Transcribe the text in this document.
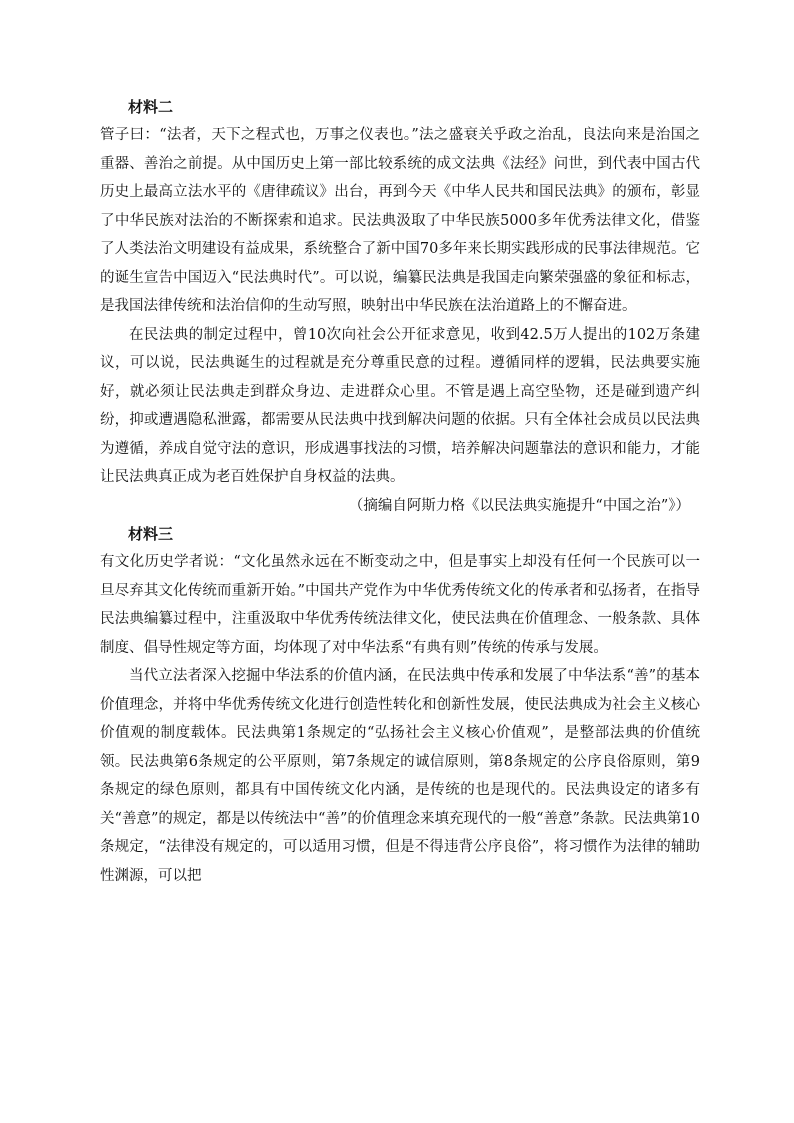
材料二

管子曰：“法者，天下之程式也，万事之仪表也。”法之盛衰关乎政之治乱，良法向来是治国之重器、善治之前提。从中国历史上第一部比较系统的成文法典《法经》问世，到代表中国古代历史上最高立法水平的《唐律疏议》出台，再到今天《中华人民共和国民法典》的颁布，彰显了中华民族对法治的不断探索和追求。民法典汲取了中华民族5000多年优秀法律文化，借鉴了人类法治文明建设有益成果，系统整合了新中国70多年来长期实践形成的民事法律规范。它的诞生宣告中国迈入“民法典时代”。可以说，编纂民法典是我国走向繁荣强盛的象征和标志，是我国法律传统和法治信仰的生动写照，映射出中华民族在法治道路上的不懈奋进。

在民法典的制定过程中，曾10次向社会公开征求意见，收到42.5万人提出的102万条建议，可以说，民法典诞生的过程就是充分尊重民意的过程。遵循同样的逻辑，民法典要实施好，就必须让民法典走到群众身边、走进群众心里。不管是遇上高空坠物，还是碰到遗产纠纷，抑或遭遇隐私泄露，都需要从民法典中找到解决问题的依据。只有全体社会成员以民法典为遵循，养成自觉守法的意识，形成遇事找法的习惯，培养解决问题靠法的意识和能力，才能让民法典真正成为老百姓保护自身权益的法典。

（摘编自阿斯力格《以民法典实施提升“中国之治”》）

材料三

有文化历史学者说：“文化虽然永远在不断变动之中，但是事实上却没有任何一个民族可以一旦尽弃其文化传统而重新开始。”中国共产党作为中华优秀传统文化的传承者和弘扬者，在指导民法典编纂过程中，注重汲取中华优秀传统法律文化，使民法典在价值理念、一般条款、具体制度、倡导性规定等方面，均体现了对中华法系“有典有则”传统的传承与发展。

当代立法者深入挖掘中华法系的价值内涵，在民法典中传承和发展了中华法系“善”的基本价值理念，并将中华优秀传统文化进行创造性转化和创新性发展，使民法典成为社会主义核心价值观的制度载体。民法典第1条规定的“弘扬社会主义核心价值观”，是整部法典的价值统领。民法典第6条规定的公平原则，第7条规定的诚信原则，第8条规定的公序良俗原则，第9条规定的绿色原则，都具有中国传统文化内涵，是传统的也是现代的。民法典设定的诸多有关“善意”的规定，都是以传统法中“善”的价值理念来填充现代的一般“善意”条款。民法典第10条规定，“法律没有规定的，可以适用习惯，但是不得违背公序良俗”，将习惯作为法律的辅助性渊源，可以把
